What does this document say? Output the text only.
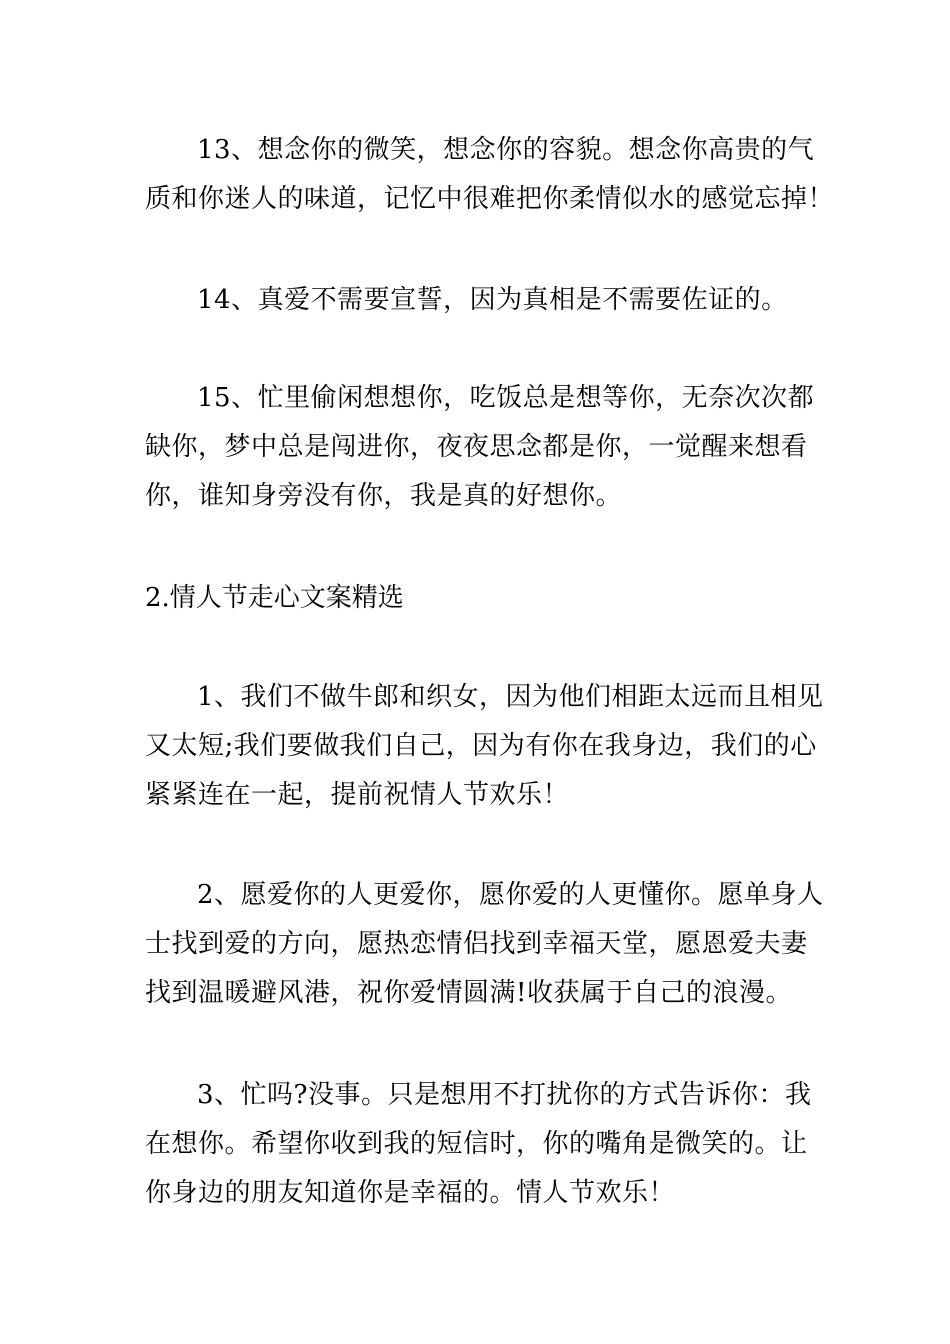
13、想念你的微笑，想念你的容貌。想念你高贵的气
质和你迷人的味道，记忆中很难把你柔情似水的感觉忘掉！

14、真爱不需要宣誓，因为真相是不需要佐证的。

15、忙里偷闲想想你，吃饭总是想等你，无奈次次都
缺你，梦中总是闯进你，夜夜思念都是你，一觉醒来想看
你，谁知身旁没有你，我是真的好想你。

2.情人节走心文案精选

1、我们不做牛郎和织女，因为他们相距太远而且相见
又太短;我们要做我们自己，因为有你在我身边，我们的心
紧紧连在一起，提前祝情人节欢乐！

2、愿爱你的人更爱你，愿你爱的人更懂你。愿单身人
士找到爱的方向，愿热恋情侣找到幸福天堂，愿恩爱夫妻
找到温暖避风港，祝你爱情圆满!收获属于自己的浪漫。

3、忙吗?没事。只是想用不打扰你的方式告诉你：我
在想你。希望你收到我的短信时，你的嘴角是微笑的。让
你身边的朋友知道你是幸福的。情人节欢乐！
